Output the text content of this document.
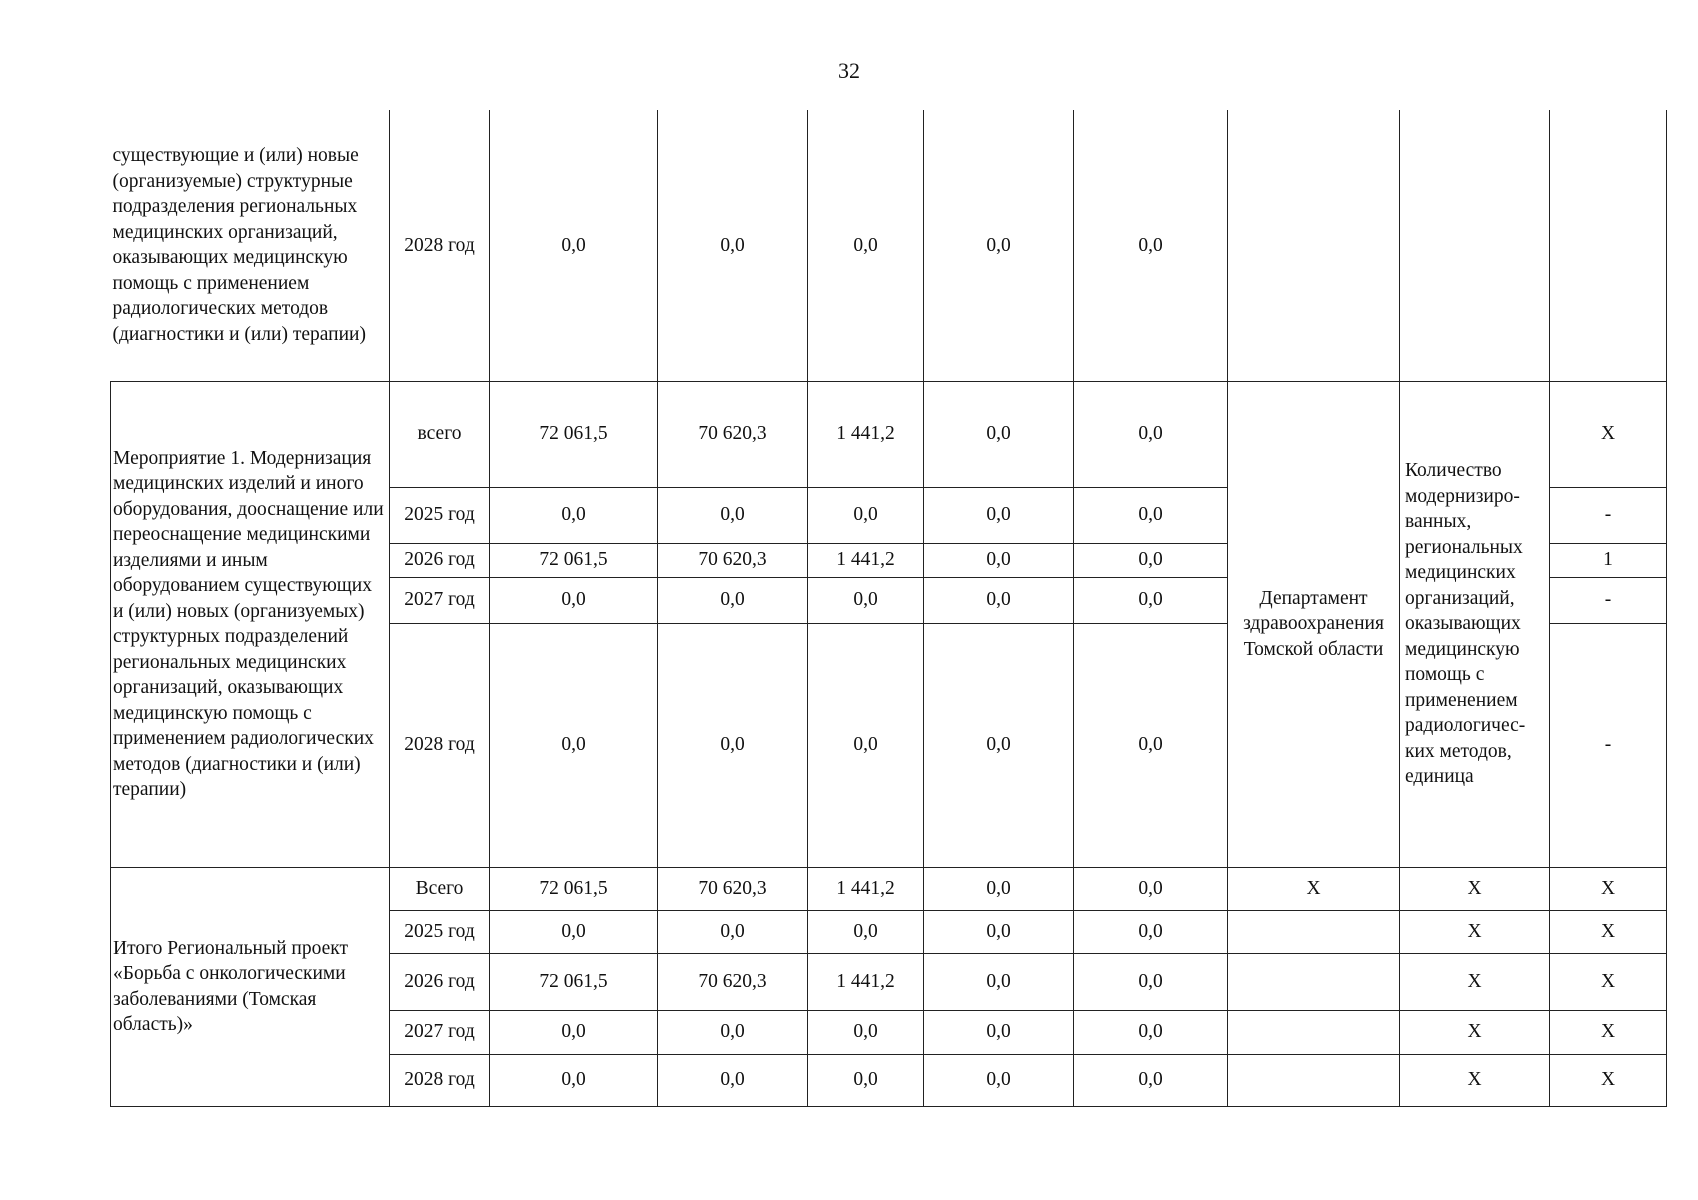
32
существующие и (или) новые (организуемые) структурные подразделения региональных медицинских организаций, оказывающих медицинскую помощь с применением радиологических методов (диагностики и (или) терапии)	2028 год	0,0	0,0	0,0	0,0	0,0			
Мероприятие 1. Модернизация медицинских изделий и иного оборудования, дооснащение или переоснащение медицинскими изделиями и иным оборудованием существующих и (или) новых (организуемых) структурных подразделений региональных медицинских организаций, оказывающих медицинскую помощь с применением радиологических методов (диагностики и (или) терапии)	всего	72 061,5	70 620,3	1 441,2	0,0	0,0	Департамент здравоохранения Томской области	Количество модернизиро-ванных, региональных медицинских организаций, оказывающих медицинскую помощь с применением радиологичес-ких методов, единица	X
	2025 год	0,0	0,0	0,0	0,0	0,0			-
	2026 год	72 061,5	70 620,3	1 441,2	0,0	0,0			1
	2027 год	0,0	0,0	0,0	0,0	0,0			-
	2028 год	0,0	0,0	0,0	0,0	0,0			-
Итого Региональный проект «Борьба с онкологическими заболеваниями (Томская область)»	Всего	72 061,5	70 620,3	1 441,2	0,0	0,0	X	X	X
	2025 год	0,0	0,0	0,0	0,0	0,0		X	X
	2026 год	72 061,5	70 620,3	1 441,2	0,0	0,0		X	X
	2027 год	0,0	0,0	0,0	0,0	0,0		X	X
	2028 год	0,0	0,0	0,0	0,0	0,0		X	X
